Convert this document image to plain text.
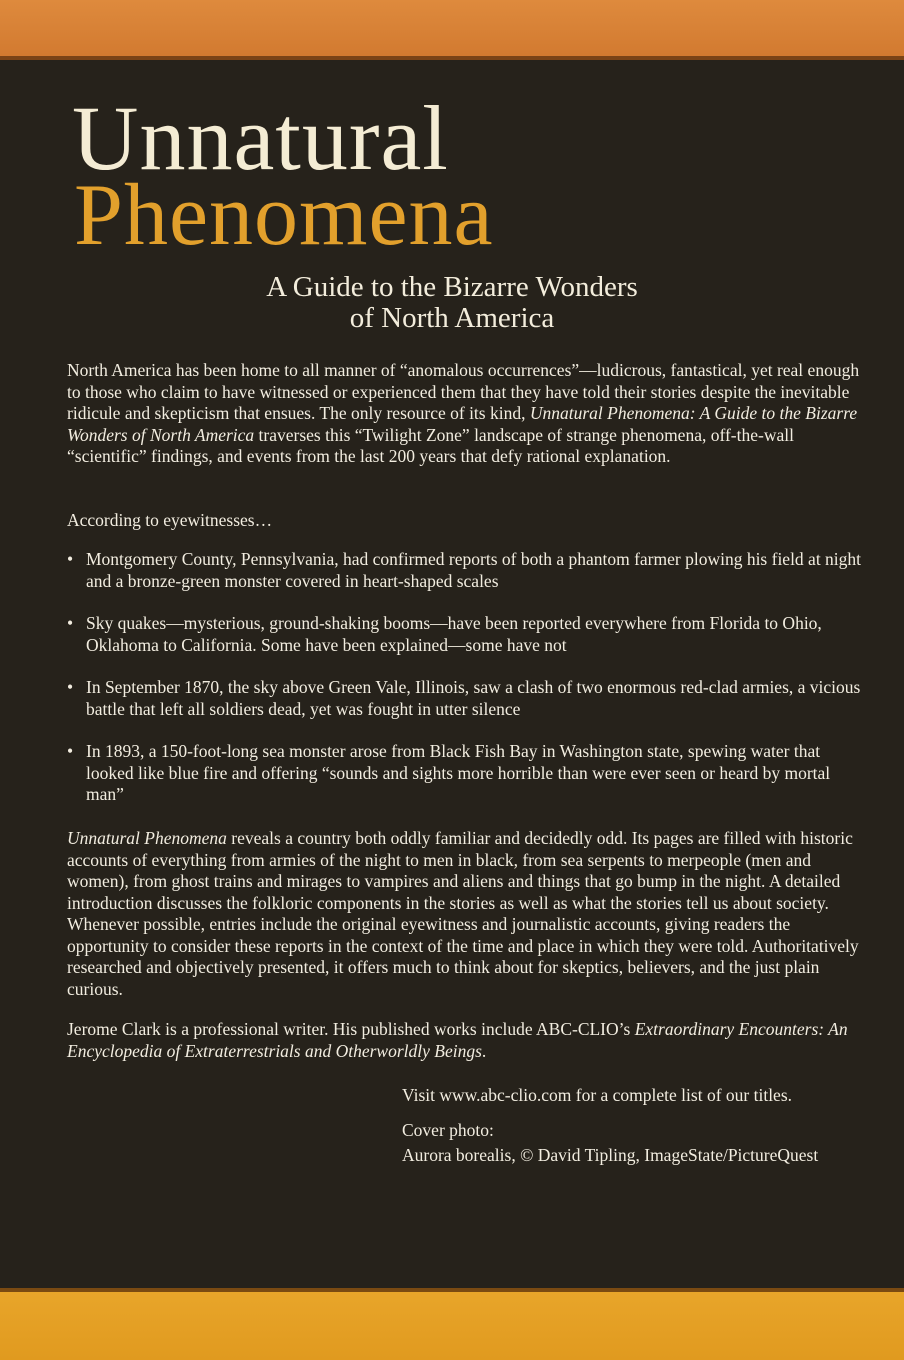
Unnatural
Phenomena
A Guide to the Bizarre Wonders
of North America
North America has been home to all manner of “anomalous occurrences”—ludicrous, fantastical, yet real enough to those who claim to have witnessed or experienced them that they have told their stories despite the inevitable ridicule and skepticism that ensues. The only resource of its kind, Unnatural Phenomena: A Guide to the Bizarre Wonders of North America traverses this “Twilight Zone” landscape of strange phenomena, off-the-wall “scientific” findings, and events from the last 200 years that defy rational explanation.
According to eyewitnesses…
• Montgomery County, Pennsylvania, had confirmed reports of both a phantom farmer plowing his field at night and a bronze-green monster covered in heart-shaped scales
• Sky quakes—mysterious, ground-shaking booms—have been reported everywhere from Florida to Ohio, Oklahoma to California. Some have been explained—some have not
• In September 1870, the sky above Green Vale, Illinois, saw a clash of two enormous red-clad armies, a vicious battle that left all soldiers dead, yet was fought in utter silence
• In 1893, a 150-foot-long sea monster arose from Black Fish Bay in Washington state, spewing water that looked like blue fire and offering “sounds and sights more horrible than were ever seen or heard by mortal man”
Unnatural Phenomena reveals a country both oddly familiar and decidedly odd. Its pages are filled with historic accounts of everything from armies of the night to men in black, from sea serpents to merpeople (men and women), from ghost trains and mirages to vampires and aliens and things that go bump in the night. A detailed introduction discusses the folkloric components in the stories as well as what the stories tell us about society. Whenever possible, entries include the original eyewitness and journalistic accounts, giving readers the opportunity to consider these reports in the context of the time and place in which they were told. Authoritatively researched and objectively presented, it offers much to think about for skeptics, believers, and the just plain curious.
Jerome Clark is a professional writer. His published works include ABC-CLIO’s Extraordinary Encounters: An Encyclopedia of Extraterrestrials and Otherworldly Beings.
Visit www.abc-clio.com for a complete list of our titles.
Cover photo:
Aurora borealis, © David Tipling, ImageState/PictureQuest
